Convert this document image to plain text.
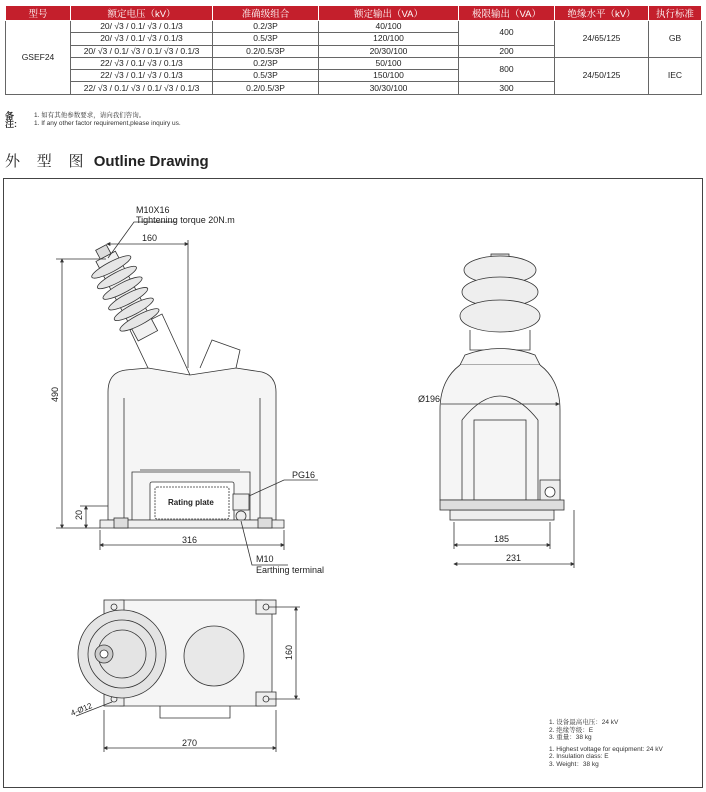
型号	额定电压（kV）	准确级组合	额定输出（VA）	极限输出（VA）	绝缘水平（kV）	执行标准
GSEF24	20/ √3 / 0.1/ √3 / 0.1/3	0.2/3P	40/100	400	24/65/125	GB
	20/ √3 / 0.1/ √3 / 0.1/3	0.5/3P	120/100			
	20/ √3 / 0.1/ √3 / 0.1/ √3 / 0.1/3	0.2/0.5/3P	20/30/100	200		
	22/ √3 / 0.1/ √3 / 0.1/3	0.2/3P	50/100	800	24/50/125	IEC
	22/ √3 / 0.1/ √3 / 0.1/3	0.5/3P	150/100			
	22/ √3 / 0.1/ √3 / 0.1/ √3 / 0.1/3	0.2/0.5/3P	30/30/100	300		
备注:
1. 如有其他参数要求，请向我们咨询。
1. If any other factor requirement,please inquiry us.
外 型 图 Outline Drawing
M10X16
Tightening torque 20N.m
160
490
20
316
Rating plate
PG16
M10
Earthing terminal
Ø196
185
231
160
4-Ø12
270
1. 设备最高电压：24 kV
2. 绝缘等级：E
3. 重量：38 kg
1. Highest voltage for equipment: 24 kV
2. Insulation class: E
3. Weight：38 kg
